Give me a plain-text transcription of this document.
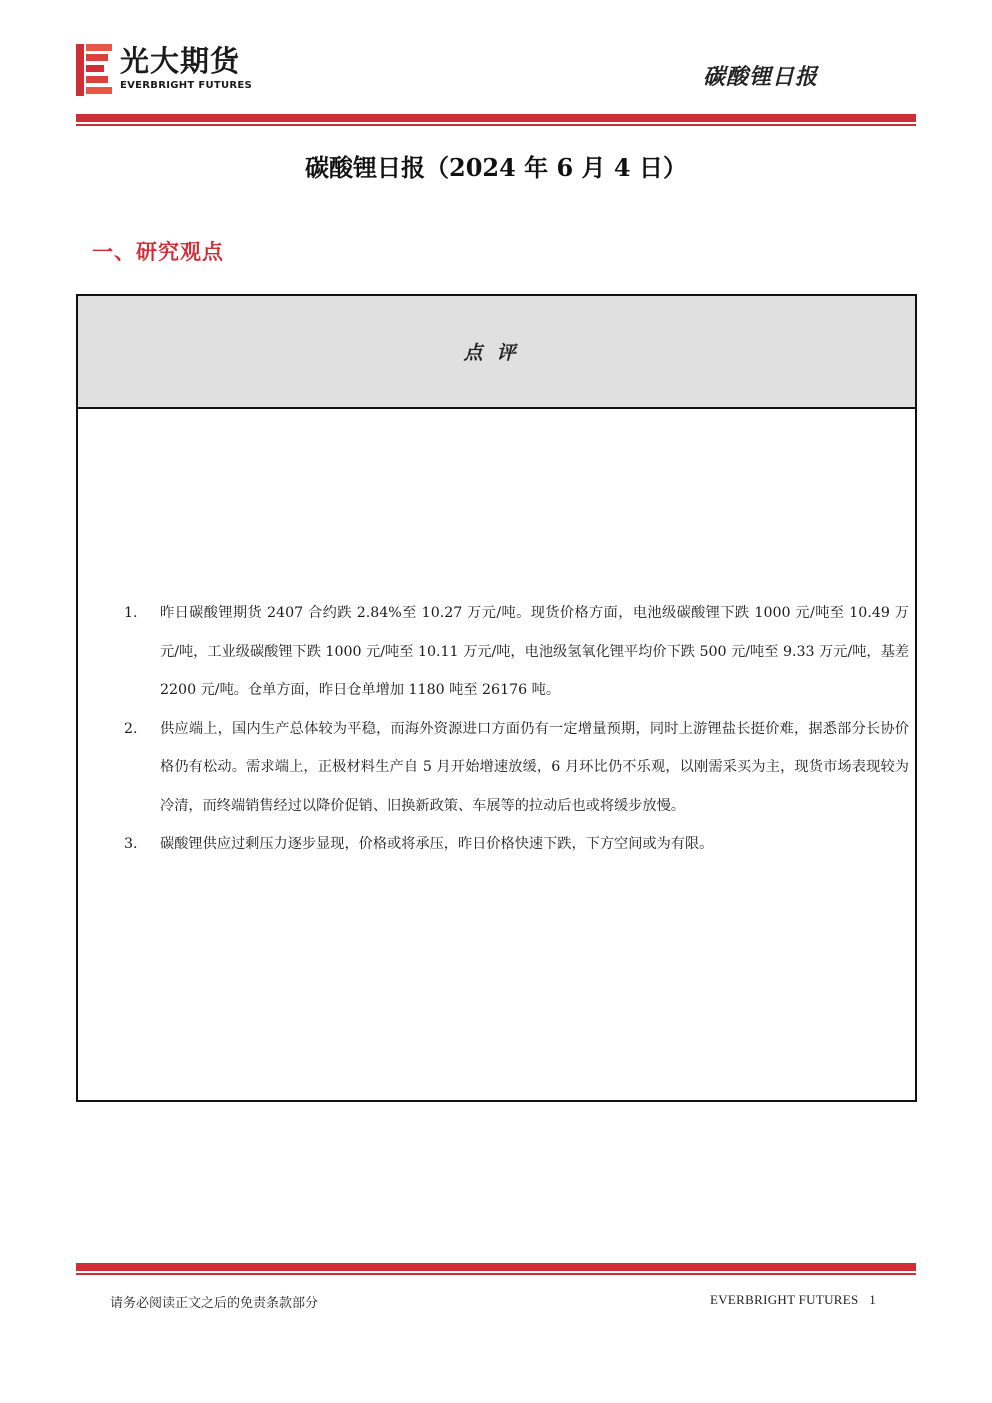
光大期货
EVERBRIGHT FUTURES	碳酸锂日报
碳酸锂日报（2024 年 6 月 4 日）
一、研究观点
点评
1. 昨日碳酸锂期货 2407 合约跌 2.84%至 10.27 万元/吨。现货价格方面，电池级碳酸锂下跌 1000 元/吨至 10.49 万元/吨，工业级碳酸锂下跌 1000 元/吨至 10.11 万元/吨，电池级氢氧化锂平均价下跌 500 元/吨至 9.33 万元/吨，基差 2200 元/吨。仓单方面，昨日仓单增加 1180 吨至 26176 吨。
2. 供应端上，国内生产总体较为平稳，而海外资源进口方面仍有一定增量预期，同时上游锂盐长挺价难，据悉部分长协价格仍有松动。需求端上，正极材料生产自 5 月开始增速放缓，6 月环比仍不乐观，以刚需采买为主，现货市场表现较为冷清，而终端销售经过以降价促销、旧换新政策、车展等的拉动后也或将缓步放慢。
3. 碳酸锂供应过剩压力逐步显现，价格或将承压，昨日价格快速下跌，下方空间或为有限。
请务必阅读正文之后的免责条款部分	EVERBRIGHT FUTURES 1
